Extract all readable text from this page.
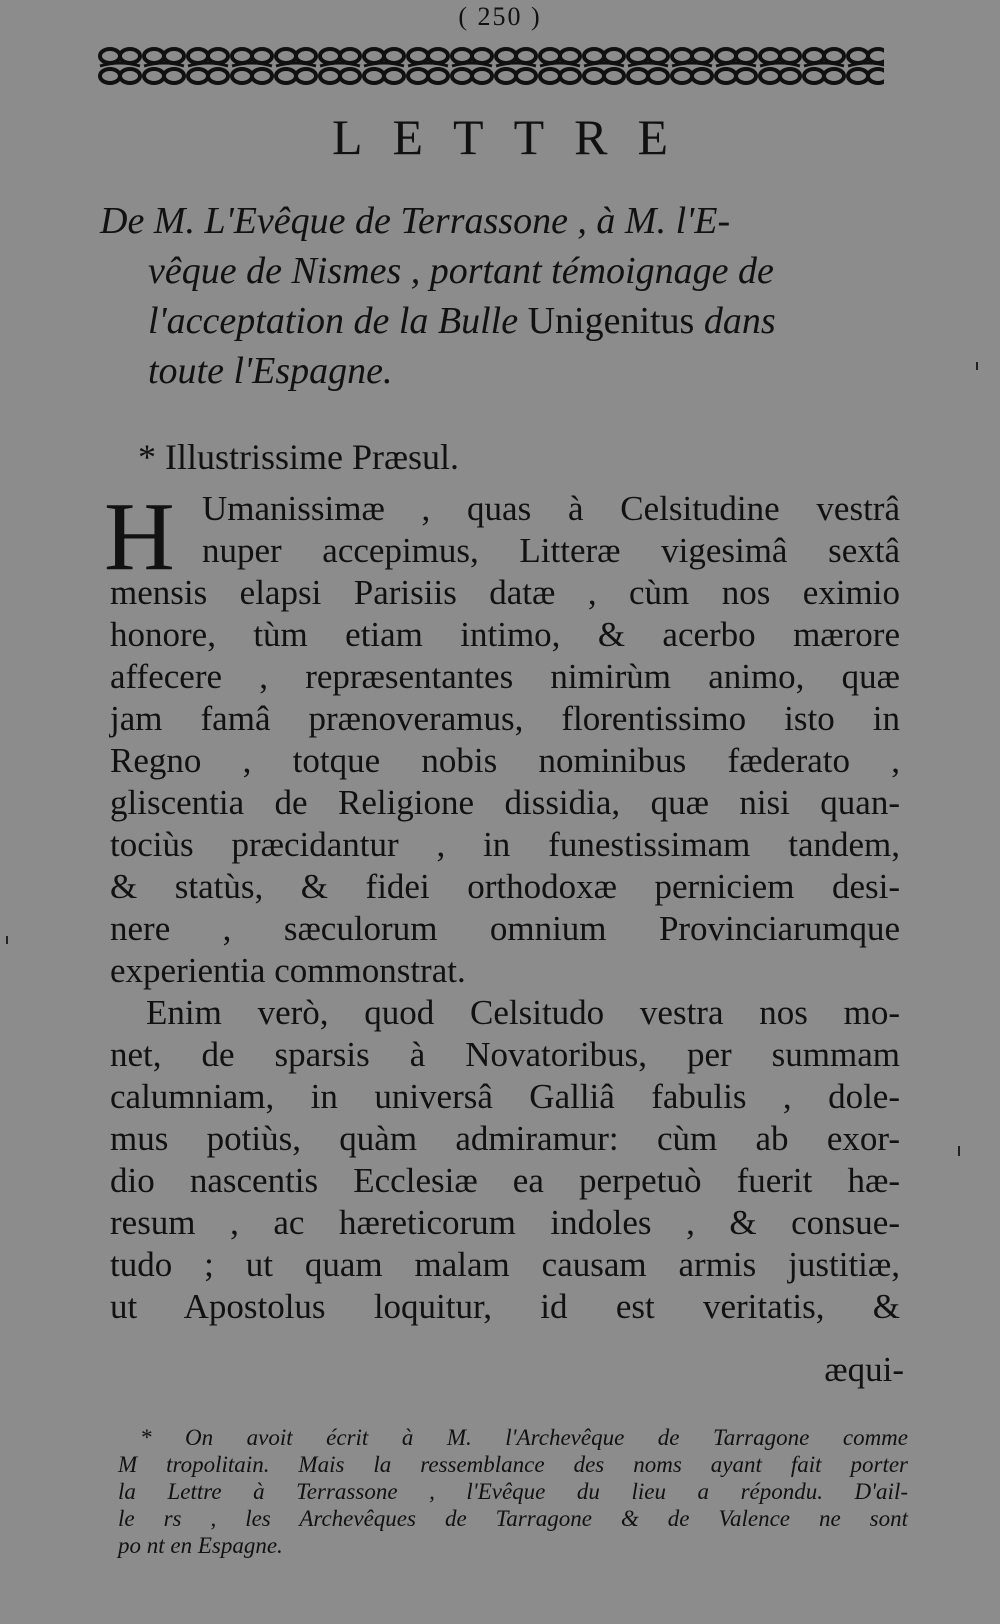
( 250 )
LETTRE
De M. L'Evêque de Terrassone , à M. l'E-
vêque de Nismes , portant témoignage de
l'acceptation de la Bulle Unigenitus dans
toute l'Espagne.
* Illustrissime Præsul.
H Umanissimæ , quas à Celsitudine vestrâ
nuper accepimus, Litteræ vigesimâ sextâ
mensis elapsi Parisiis datæ , cùm nos eximio
honore, tùm etiam intimo, & acerbo mærore
affecere , repræsentantes nimirùm animo, quæ
jam famâ prænoveramus, florentissimo isto in
Regno , totque nobis nominibus fæderato ,
gliscentia de Religione dissidia, quæ nisi quan-
tociùs præcidantur , in funestissimam tandem,
& statùs, & fidei orthodoxæ perniciem desi-
nere , sæculorum omnium Provinciarumque
experientia commonstrat.
Enim verò, quod Celsitudo vestra nos mo-
net, de sparsis à Novatoribus, per summam
calumniam, in universâ Galliâ fabulis , dole-
mus potiùs, quàm admiramur: cùm ab exor-
dio nascentis Ecclesiæ ea perpetuò fuerit hæ-
resum , ac hæreticorum indoles , & consue-
tudo ; ut quam malam causam armis justitiæ,
ut Apostolus loquitur, id est veritatis, &
æqui-
* On avoit écrit à M. l'Archevêque de Tarragone comme
M tropolitain. Mais la ressemblance des noms ayant fait porter
la Lettre à Terrassone , l'Evêque du lieu a répondu. D'ail-
le rs , les Archevêques de Tarragone & de Valence ne sont
po nt en Espagne.
